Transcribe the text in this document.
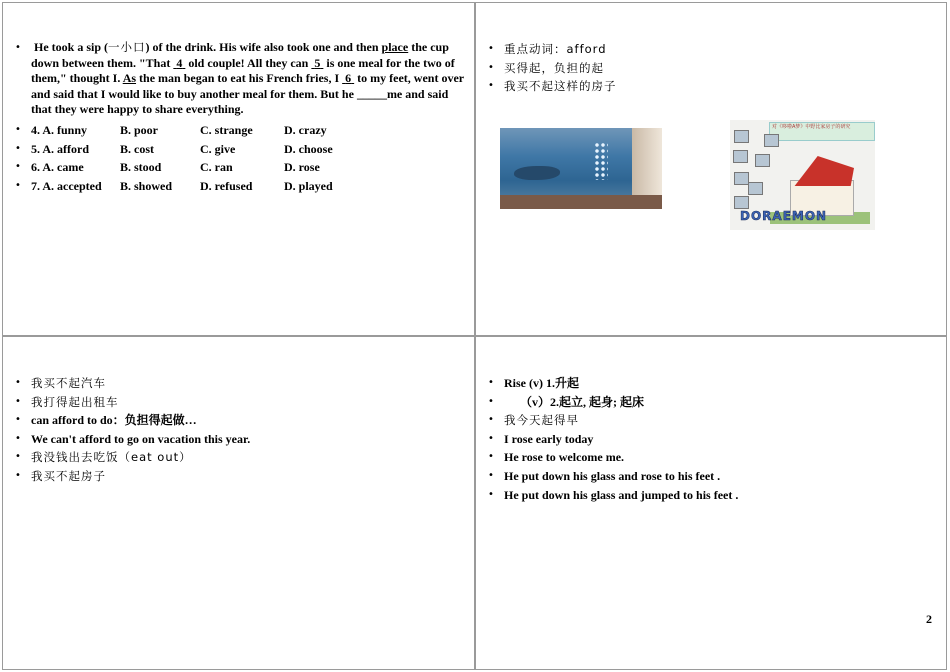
• He took a sip (一小口) of the drink. His wife also took one and then place the cup down between them. "That  4  old couple! All they can  5  is one meal for the two of them," thought I. As the man began to eat his French fries, I  6  to my feet, went over and said that I would like to buy another meal for them. But he _____me and said that they were happy to share everything.
• 4. A. funny	B. poor	C. strange	D. crazy
• 5. A. afford	B. cost	C. give	D. choose
• 6. A. came	B. stood	C. ran	D. rose
• 7. A. accepted B. showed D. refused	D. played
• 重点动词：afford
• 买得起，负担的起
• 我买不起这样的房子
对《哆啦A梦》中野比家房子的研究
DORAEMON
• 我买不起汽车
• 我打得起出租车
• can afford to do：负担得起做…
• We can't afford to go on vacation this year.
• 我没钱出去吃饭（eat out）
• 我买不起房子
• Rise (v) 1.升起
• （v）2.起立, 起身; 起床
• 我今天起得早
• I rose early today
• He rose to welcome me.
• He put down his glass and rose to his feet .
• He put down his glass and jumped to his feet .
2
